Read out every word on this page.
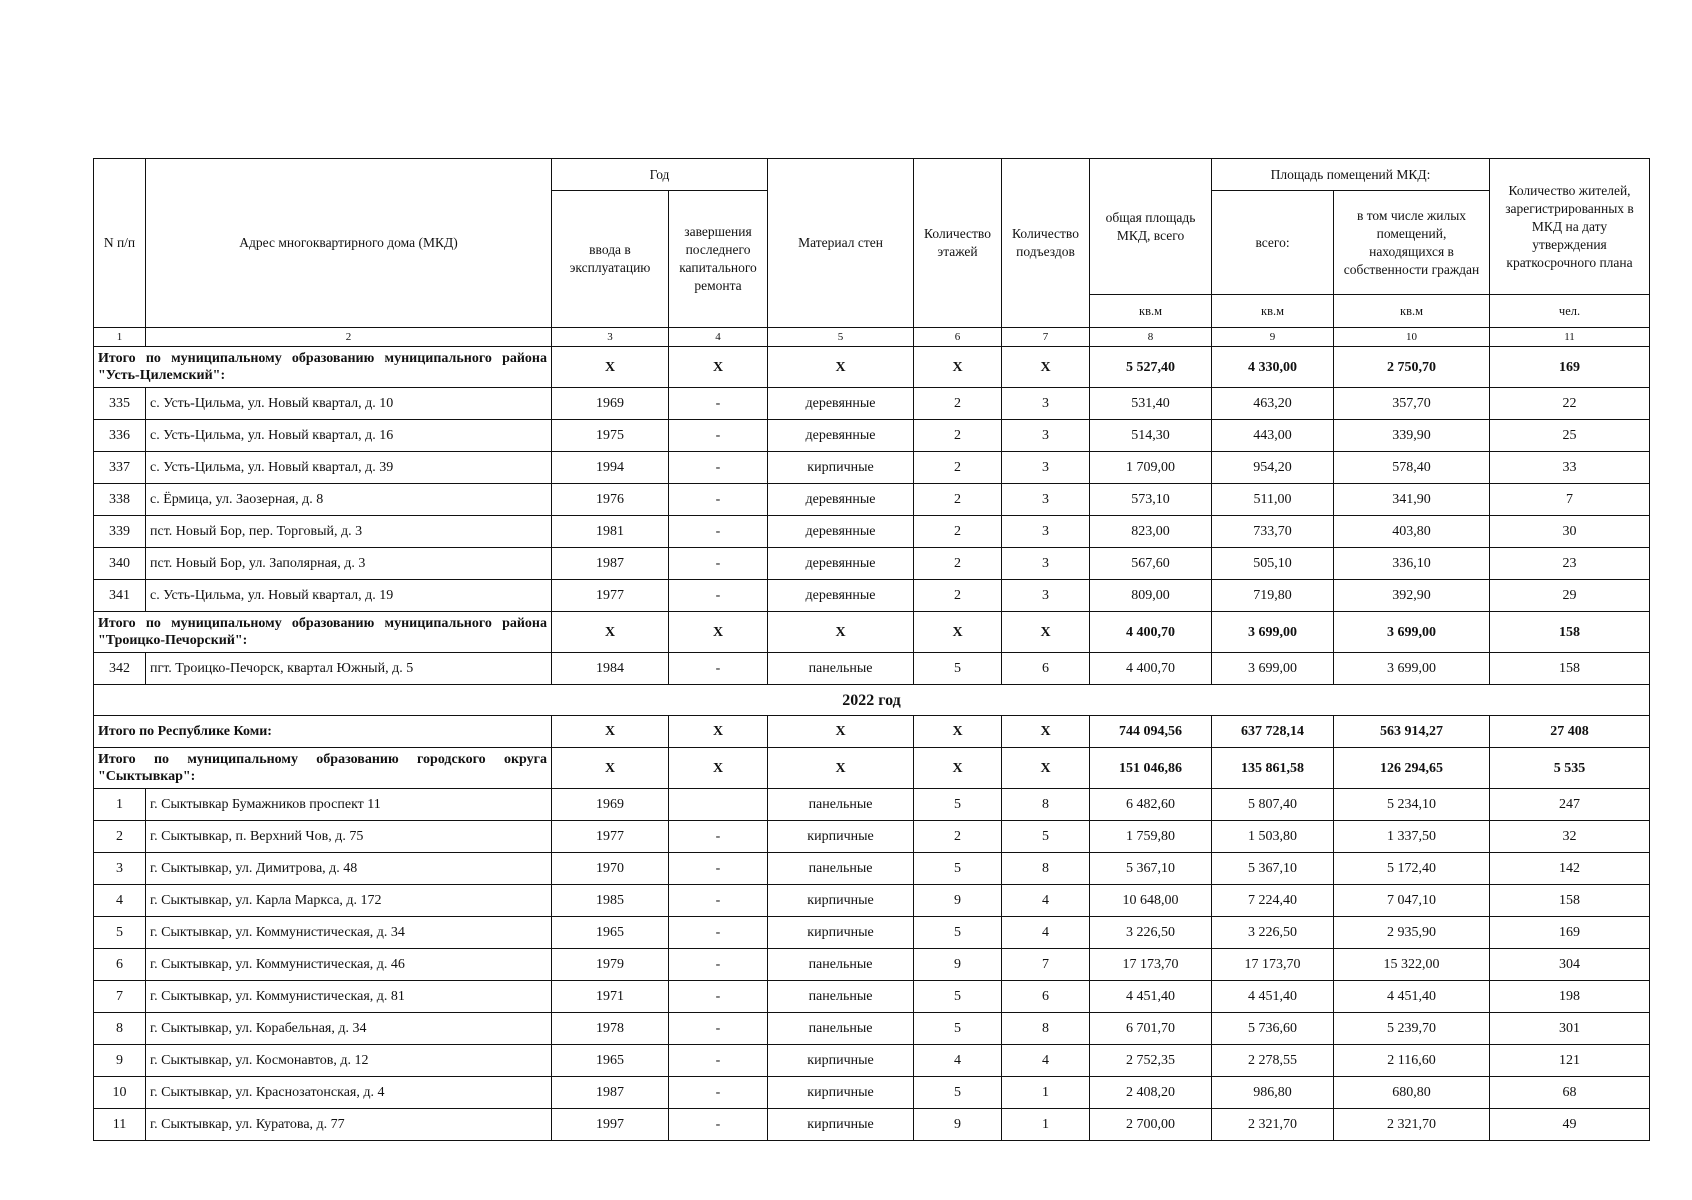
N п/п	Адрес многоквартирного дома (МКД)	Год		Материал стен	Количество этажей	Количество подъездов	общая площадь МКД, всего	Площадь помещений МКД:		Количество жителей, зарегистрированных в МКД на дату утверждения краткосрочного плана
		ввода в эксплуатацию	завершения последнего капитального ремонта					всего:	в том числе жилых помещений, находящихся в собственности граждан	
							кв.м	кв.м	кв.м	чел.
1	2	3	4	5	6	7	8	9	10	11
Итого по муниципальному образованию муниципального района "Усть-Цилемский":		X	X	X	X	X	5 527,40	4 330,00	2 750,70	169
335	с. Усть-Цильма, ул. Новый квартал, д. 10	1969	-	деревянные	2	3	531,40	463,20	357,70	22
336	с. Усть-Цильма, ул. Новый квартал, д. 16	1975	-	деревянные	2	3	514,30	443,00	339,90	25
337	с. Усть-Цильма, ул. Новый квартал, д. 39	1994	-	кирпичные	2	3	1 709,00	954,20	578,40	33
338	с. Ёрмица, ул. Заозерная, д. 8	1976	-	деревянные	2	3	573,10	511,00	341,90	7
339	пст. Новый Бор, пер. Торговый, д. 3	1981	-	деревянные	2	3	823,00	733,70	403,80	30
340	пст. Новый Бор, ул. Заполярная, д. 3	1987	-	деревянные	2	3	567,60	505,10	336,10	23
341	с. Усть-Цильма, ул. Новый квартал, д. 19	1977	-	деревянные	2	3	809,00	719,80	392,90	29
Итого по муниципальному образованию муниципального района "Троицко-Печорский":		X	X	X	X	X	4 400,70	3 699,00	3 699,00	158
342	пгт. Троицко-Печорск, квартал Южный, д. 5	1984	-	панельные	5	6	4 400,70	3 699,00	3 699,00	158
2022 год										
Итого по Республике Коми:		X	X	X	X	X	744 094,56	637 728,14	563 914,27	27 408
Итого по муниципальному образованию городского округа "Сыктывкар":		X	X	X	X	X	151 046,86	135 861,58	126 294,65	5 535
1	г. Сыктывкар Бумажников проспект 11	1969		панельные	5	8	6 482,60	5 807,40	5 234,10	247
2	г. Сыктывкар, п. Верхний Чов, д. 75	1977	-	кирпичные	2	5	1 759,80	1 503,80	1 337,50	32
3	г. Сыктывкар, ул. Димитрова, д. 48	1970	-	панельные	5	8	5 367,10	5 367,10	5 172,40	142
4	г. Сыктывкар, ул. Карла Маркса, д. 172	1985	-	кирпичные	9	4	10 648,00	7 224,40	7 047,10	158
5	г. Сыктывкар, ул. Коммунистическая, д. 34	1965	-	кирпичные	5	4	3 226,50	3 226,50	2 935,90	169
6	г. Сыктывкар, ул. Коммунистическая, д. 46	1979	-	панельные	9	7	17 173,70	17 173,70	15 322,00	304
7	г. Сыктывкар, ул. Коммунистическая, д. 81	1971	-	панельные	5	6	4 451,40	4 451,40	4 451,40	198
8	г. Сыктывкар, ул. Корабельная, д. 34	1978	-	панельные	5	8	6 701,70	5 736,60	5 239,70	301
9	г. Сыктывкар, ул. Космонавтов, д. 12	1965	-	кирпичные	4	4	2 752,35	2 278,55	2 116,60	121
10	г. Сыктывкар, ул. Краснозатонская, д. 4	1987	-	кирпичные	5	1	2 408,20	986,80	680,80	68
11	г. Сыктывкар, ул. Куратова, д. 77	1997	-	кирпичные	9	1	2 700,00	2 321,70	2 321,70	49
